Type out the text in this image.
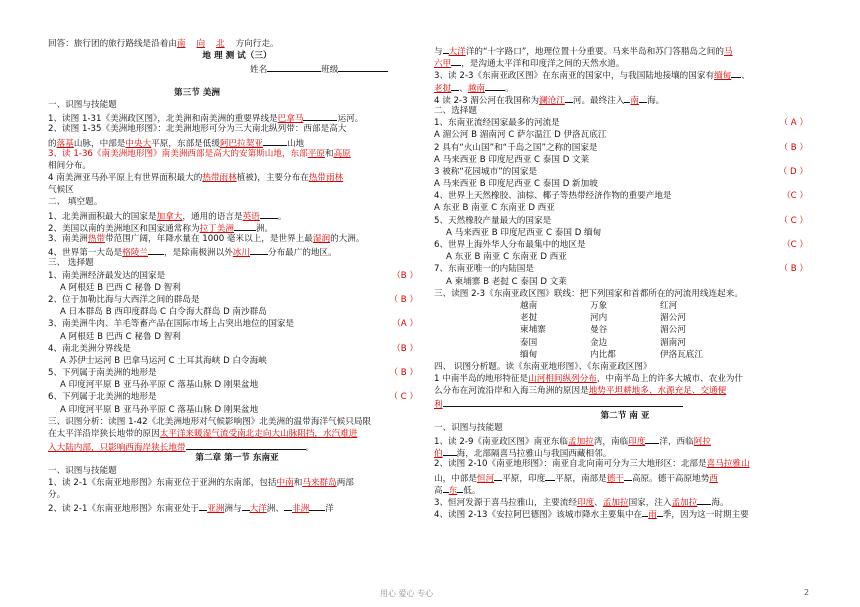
回答：旅行团的旅行路线是沿着由南 向 北 方向行走。
地 理 测 试（三）
姓名	班级
第三节 美洲
一、识图与技能题
1、读图 1-31《美洲政区图》，北美洲和南美洲的重要界线是巴拿马	运河。
2、读图 1-35《美洲地形图》：北美洲地形可分为三大南北纵列带：西部是高大
的落基山脉，中部是中央大平原，东部是低缓阿巴拉契亚	山地
3、读 1-36《南美洲地形图》南美洲西部是高大的安第斯山地，东部平原和高原
相间分布。
4 南美洲亚马孙平原上有世界面积最大的热带雨林植被)，主要分布在热带雨林
气候区
二、 填空题。
1、北美洲面积最大的国家是加拿大，通用的语言是英语 。
2、美国以南的美洲地区和国家通常称为拉丁美洲	洲。
3、南美洲热带带范围广阔，年降水量在 1000 毫米以上，是世界上最湿润的大洲。
4、世界第一大岛是格陵兰 ，是除南极洲以外冰川 分布最广的地区。
三、 选择题
1、南美洲经济最发达的国家是	（B ）
A 阿根廷 B 巴西 C 秘鲁 D 智利
2、位于加勒比海与大西洋之间的群岛是	（ B ）
A 日本群岛 B 西印度群岛 C 白令海大群岛 D 南沙群岛
3、南美洲牛肉、羊毛等畜产品在国际市场上占突出地位的国家是	（A ）
A 阿根廷 B 巴西 C 秘鲁 D 智利
4、南北美洲分界线是	（B ）
A 苏伊士运河 B 巴拿马运河 C 土耳其海峡 D 白令海峡
5、下列属于南美洲的地形是	（ B ）
A 印度河平原 B 亚马孙平原 C 落基山脉 D 刚果盆地
6、下列属于北美洲的地形是	（ C ）
A 印度河平原 B 亚马孙平原 C 落基山脉 D 刚果盆地
三、识图分析：读图 1-42《北美洲地形对气候影响图》北美洲的温带海洋气候只局限
在太平洋沿岸狭长地带的原因太平洋来暖湿气流受南北走向大山脉阻挡，水汽难进
入大陆内部，只影响西海岸狭长地带	。
第二章 第一节 东南亚
一、识图与技能题
1、读 2-1《东南亚地形图》东南亚位于亚洲的东南部，包括中南和马来群岛两部
分。
2、读 2-1《东南亚地形图》东南亚处于 亚洲洲与 大洋洲、 非洲 洋
与 大洋洋的“十字路口”，地理位置十分重要。马来半岛和苏门答腊岛之间的马
六甲 ，是沟通太平洋和印度洋之间的天然水道。
3、读 2-3《东南亚政区图》在东南亚的国家中，与我国陆地接壤的国家有缅甸 、
老挝 、越南 。
4 读 2-3 湄公河在我国称为澜沧江 河。最终注入 南 海。
二、选择题
1、东南亚流经国家最多的河流是	（ A ）
A 湄公河 B 湄南河 C 萨尔温江 D 伊洛瓦底江
2 具有“火山国”和“千岛之国”之称的国家是	（ B ）
A 马来西亚 B 印度尼西亚 C 泰国 D 文莱
3 被称“花园城市”的国家是	（ D ）
A 马来西亚 B 印度尼西亚 C 泰国 D 新加坡
4、世界上天然橡胶、油棕、椰子等热带经济作物的重要产地是	（C ）
A 东亚 B 南亚 C 东南亚 D 西亚
5、天然橡胶产量最大的国家是	（ C ）
A 马来西亚 B 印度尼西亚 C 泰国 D 缅甸
6、世界上海外华人分布最集中的地区是	（C ）
A 东亚 B 南亚 C 东南亚 D 西亚
7、东南亚唯一的内陆国是	（ B ）
A 柬埔寨 B 老挝 C 泰国 D 文莱
三、读图 2-3《东南亚政区图》联线：把下列国家和首都所在的河流用线连起来。
越南	万象	红河
老挝	河内	湄公河
柬埔寨	曼谷	湄公河
泰国	金边	湄南河
缅甸	内比都	伊洛瓦底江
四、 识图分析题。读《东南亚地形图》、《东南亚政区图》
1 中南半岛的地形特征是山河相间纵列分布，中南半岛上的许多大城市、农业为什
么分布在河流沿岸和入海三角洲的原因是地势平坦耕地多、水源充足、交通便
利
第二节 南 亚
一、识图与技能题
1、读 2-9《南亚政区图》南亚东临孟加拉湾，南临印度 洋，西临阿拉
伯 海，北部隔喜马拉雅山与我国西藏相邻。
2、读图 2-10《南亚地形图》：南亚自北向南可分为三大地形区：北部是喜马拉雅山
山，中部是恒河 平原，印度 平原，南部是德干 高原。德干高原地势西
高 东 低。
3、恒河发源于喜马拉雅山，主要流经印度、孟加拉国家，注入孟加拉 海。
4、读图 2-13《安拉阿巴德图》该城市降水主要集中在 雨 季，因为这一时期主要
用心 爱心 专心	2
